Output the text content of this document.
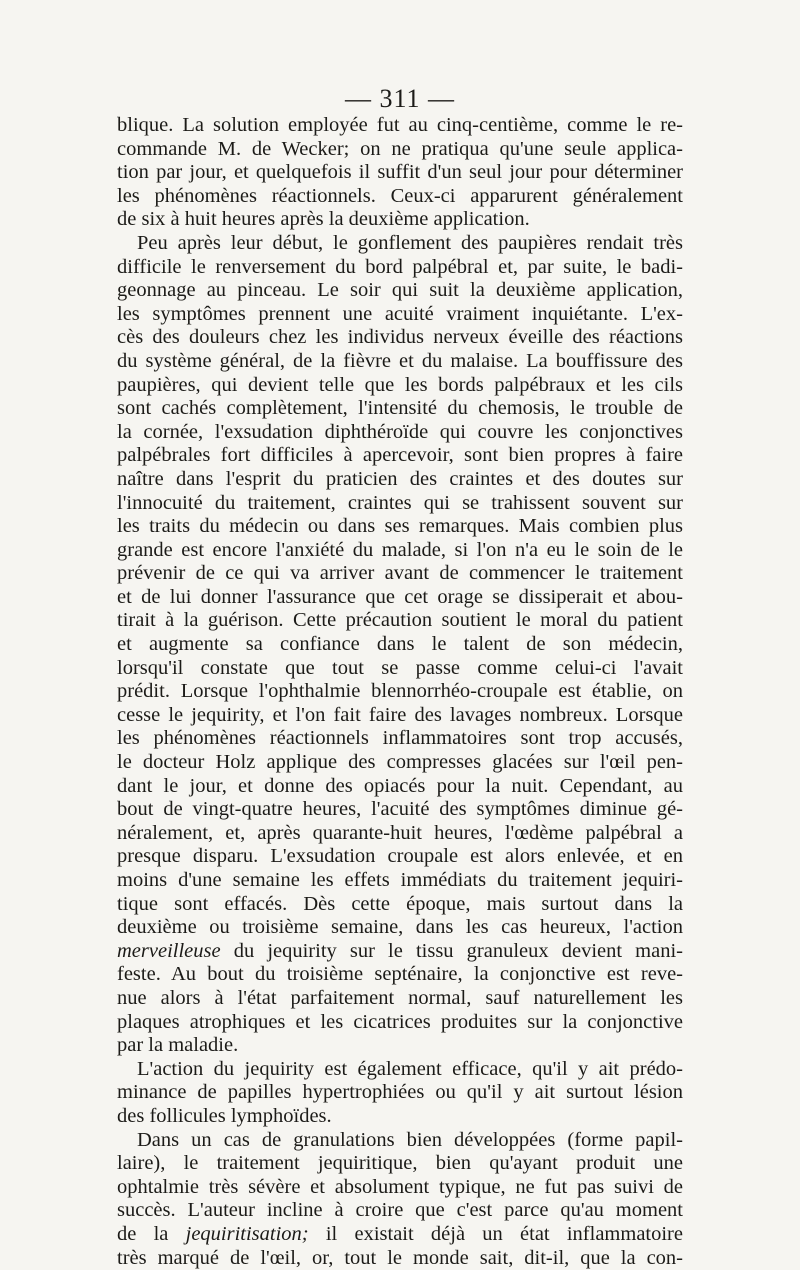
— 311 —
blique. La solution employée fut au cinq-centième, comme le re-
commande M. de Wecker; on ne pratiqua qu'une seule applica-
tion par jour, et quelquefois il suffit d'un seul jour pour déterminer
les phénomènes réactionnels. Ceux-ci apparurent généralement
de six à huit heures après la deuxième application.
Peu après leur début, le gonflement des paupières rendait très
difficile le renversement du bord palpébral et, par suite, le badi-
geonnage au pinceau. Le soir qui suit la deuxième application,
les symptômes prennent une acuité vraiment inquiétante. L'ex-
cès des douleurs chez les individus nerveux éveille des réactions
du système général, de la fièvre et du malaise. La bouffissure des
paupières, qui devient telle que les bords palpébraux et les cils
sont cachés complètement, l'intensité du chemosis, le trouble de
la cornée, l'exsudation diphthéroïde qui couvre les conjonctives
palpébrales fort difficiles à apercevoir, sont bien propres à faire
naître dans l'esprit du praticien des craintes et des doutes sur
l'innocuité du traitement, craintes qui se trahissent souvent sur
les traits du médecin ou dans ses remarques. Mais combien plus
grande est encore l'anxiété du malade, si l'on n'a eu le soin de le
prévenir de ce qui va arriver avant de commencer le traitement
et de lui donner l'assurance que cet orage se dissiperait et abou-
tirait à la guérison. Cette précaution soutient le moral du patient
et augmente sa confiance dans le talent de son médecin,
lorsqu'il constate que tout se passe comme celui-ci l'avait
prédit. Lorsque l'ophthalmie blennorrhéo-croupale est établie, on
cesse le jequirity, et l'on fait faire des lavages nombreux. Lorsque
les phénomènes réactionnels inflammatoires sont trop accusés,
le docteur Holz applique des compresses glacées sur l'œil pen-
dant le jour, et donne des opiacés pour la nuit. Cependant, au
bout de vingt-quatre heures, l'acuité des symptômes diminue gé-
néralement, et, après quarante-huit heures, l'œdème palpébral a
presque disparu. L'exsudation croupale est alors enlevée, et en
moins d'une semaine les effets immédiats du traitement jequiri-
tique sont effacés. Dès cette époque, mais surtout dans la
deuxième ou troisième semaine, dans les cas heureux, l'action
merveilleuse du jequirity sur le tissu granuleux devient mani-
feste. Au bout du troisième septénaire, la conjonctive est reve-
nue alors à l'état parfaitement normal, sauf naturellement les
plaques atrophiques et les cicatrices produites sur la conjonctive
par la maladie.
L'action du jequirity est également efficace, qu'il y ait prédo-
minance de papilles hypertrophiées ou qu'il y ait surtout lésion
des follicules lymphoïdes.
Dans un cas de granulations bien développées (forme papil-
laire), le traitement jequiritique, bien qu'ayant produit une
ophtalmie très sévère et absolument typique, ne fut pas suivi de
succès. L'auteur incline à croire que c'est parce qu'au moment
de la jequiritisation; il existait déjà un état inflammatoire
très marqué de l'œil, or, tout le monde sait, dit-il, que la con-
